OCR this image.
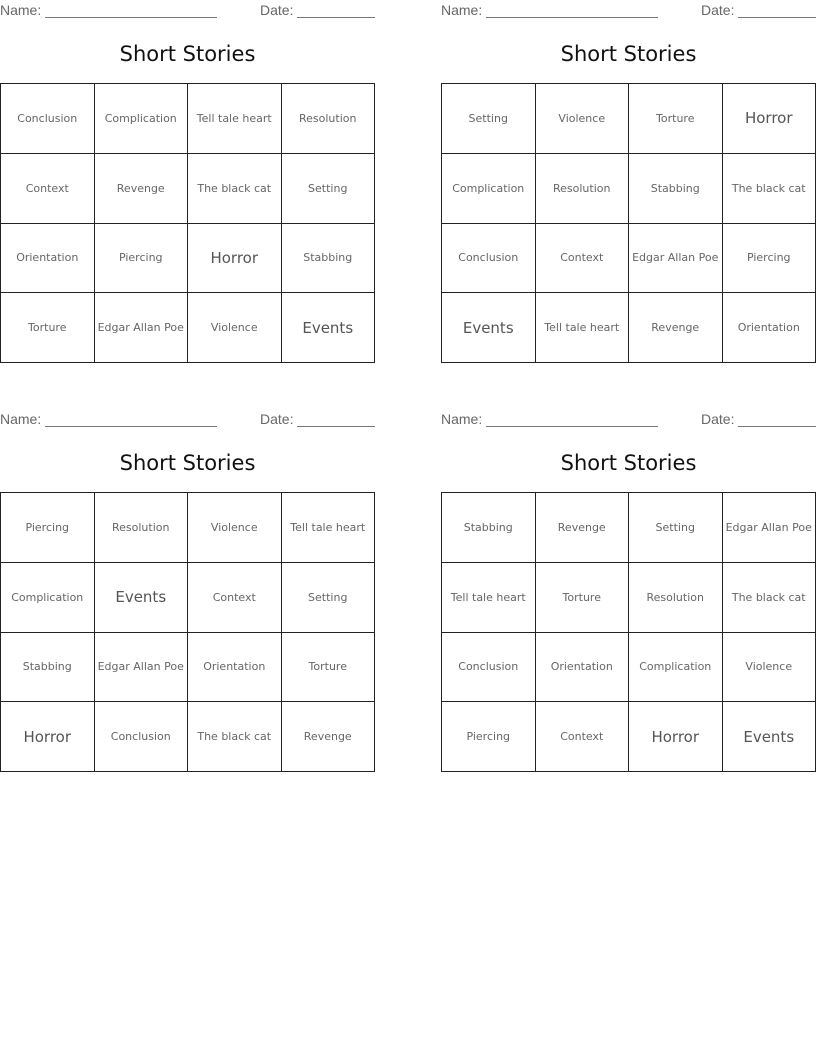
Name:	Date:
Short Stories
Conclusion	Complication	Tell tale heart	Resolution
Context	Revenge	The black cat	Setting
Orientation	Piercing	Horror	Stabbing
Torture	Edgar Allan Poe	Violence	Events
Name:	Date:
Short Stories
Setting	Violence	Torture	Horror
Complication	Resolution	Stabbing	The black cat
Conclusion	Context	Edgar Allan Poe	Piercing
Events	Tell tale heart	Revenge	Orientation
Name:	Date:
Short Stories
Piercing	Resolution	Violence	Tell tale heart
Complication	Events	Context	Setting
Stabbing	Edgar Allan Poe	Orientation	Torture
Horror	Conclusion	The black cat	Revenge
Name:	Date:
Short Stories
Stabbing	Revenge	Setting	Edgar Allan Poe
Tell tale heart	Torture	Resolution	The black cat
Conclusion	Orientation	Complication	Violence
Piercing	Context	Horror	Events
